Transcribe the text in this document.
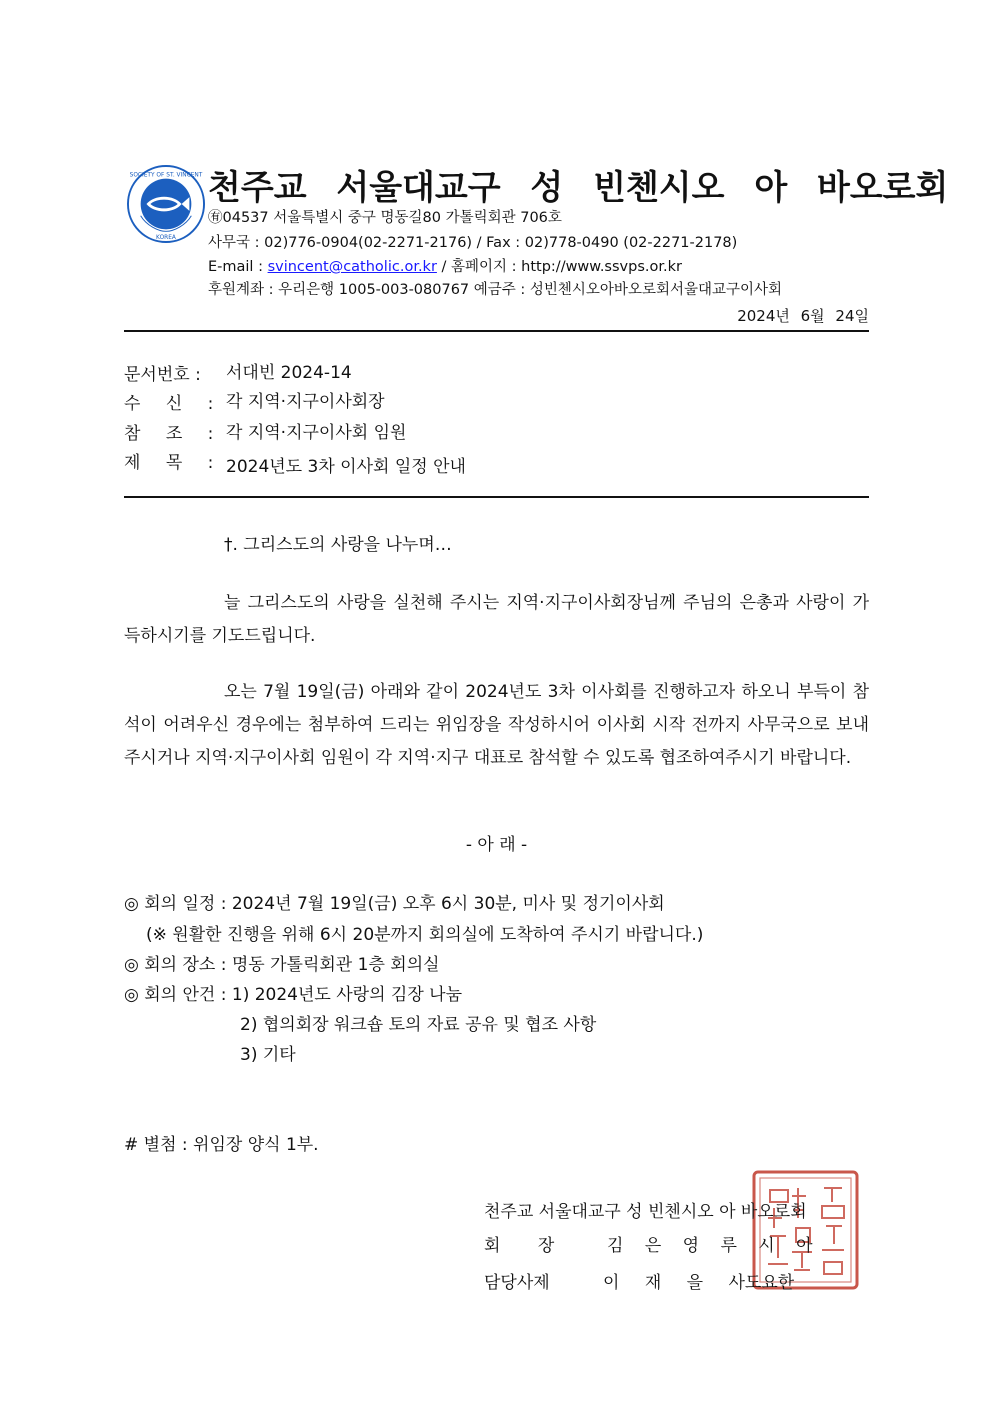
SOCIETY OF ST. VINCENT
KOREA
천주교 서울대교구 성 빈첸시오 아 바오로회
㊒04537 서울특별시 중구 명동길80 가톨릭회관 706호
사무국 : 02)776-0904(02-2271-2176) / Fax : 02)778-0490 (02-2271-2178)
E-mail : svincent@catholic.or.kr / 홈페이지 : http://www.ssvps.or.kr
후원계좌 : 우리은행 1005-003-080767 예금주 : 성빈첸시오아바오로회서울대교구이사회
2024년 6월 24일
문서번호 : 서대빈 2024-14
수 신 : 각 지역·지구이사회장
참 조 : 각 지역·지구이사회 임원
제 목 : 2024년도 3차 이사회 일정 안내
†. 그리스도의 사랑을 나누며…
늘 그리스도의 사랑을 실천해 주시는 지역·지구이사회장님께 주님의 은총과 사랑이 가득하시기를 기도드립니다.
오는 7월 19일(금) 아래와 같이 2024년도 3차 이사회를 진행하고자 하오니 부득이 참석이 어려우신 경우에는 첨부하여 드리는 위임장을 작성하시어 이사회 시작 전까지 사무국으로 보내주시거나 지역·지구이사회 임원이 각 지역·지구 대표로 참석할 수 있도록 협조하여주시기 바랍니다.
- 아 래 -
◎ 회의 일정 : 2024년 7월 19일(금) 오후 6시 30분, 미사 및 정기이사회
(※ 원활한 진행을 위해 6시 20분까지 회의실에 도착하여 주시기 바랍니다.)
◎ 회의 장소 : 명동 가톨릭회관 1층 회의실
◎ 회의 안건 : 1) 2024년도 사랑의 김장 나눔
2) 협의회장 워크숍 토의 자료 공유 및 협조 사항
3) 기타
# 별첨 : 위임장 양식 1부.
천주교 서울대교구 성 빈첸시오 아 바오로회
회 장	김 은 영 루 시 아
담당사제	이 재 을 사도요한
